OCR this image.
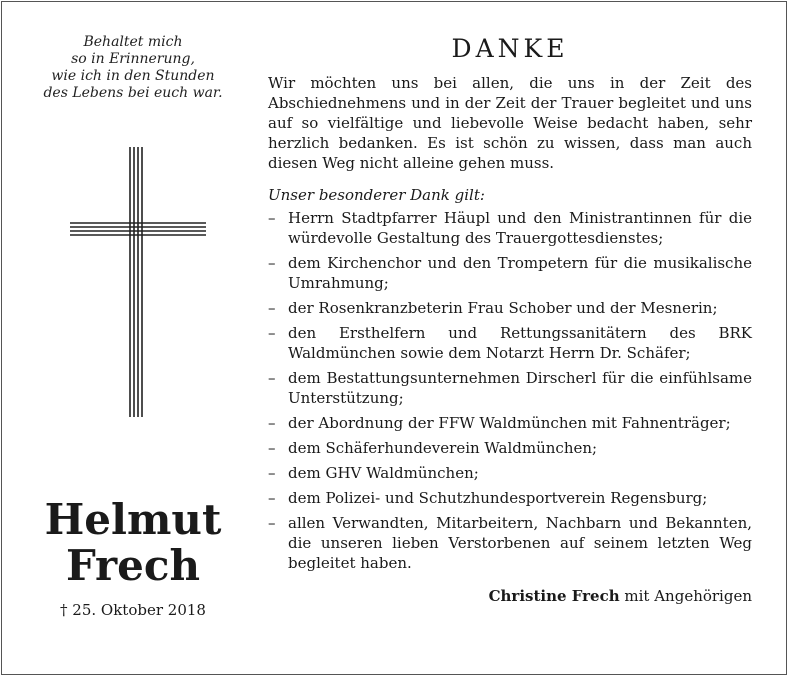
Behaltet mich

so in Erinnerung,

wie ich in den Stunden

des Lebens bei euch war.

Helmut

Frech

† 25. Oktober 2018
DANKE

Wir möchten uns bei allen, die uns in der Zeit des Abschiednehmens und in der Zeit der Trauer begleitet und uns auf so vielfältige und liebevolle Weise bedacht haben, sehr herzlich bedanken. Es ist schön zu wissen, dass man auch diesen Weg nicht alleine gehen muss.

Unser besonderer Dank gilt:

– Herrn Stadtpfarrer Häupl und den Ministrantinnen für die würdevolle Gestaltung des Trauergottesdienstes;
– dem Kirchenchor und den Trompetern für die musikalische Umrahmung;
– der Rosenkranzbeterin Frau Schober und der Mesnerin;
– den Ersthelfern und Rettungssanitätern des BRK Waldmünchen sowie dem Notarzt Herrn Dr. Schäfer;
– dem Bestattungsunternehmen Dirscherl für die einfühlsame Unterstützung;
– der Abordnung der FFW Waldmünchen mit Fahnenträger;
– dem Schäferhundeverein Waldmünchen;
– dem GHV Waldmünchen;
– dem Polizei- und Schutzhundesportverein Regensburg;
– allen Verwandten, Mitarbeitern, Nachbarn und Bekannten, die unseren lieben Verstorbenen auf seinem letzten Weg begleitet haben.
Christine Frech mit Angehörigen
